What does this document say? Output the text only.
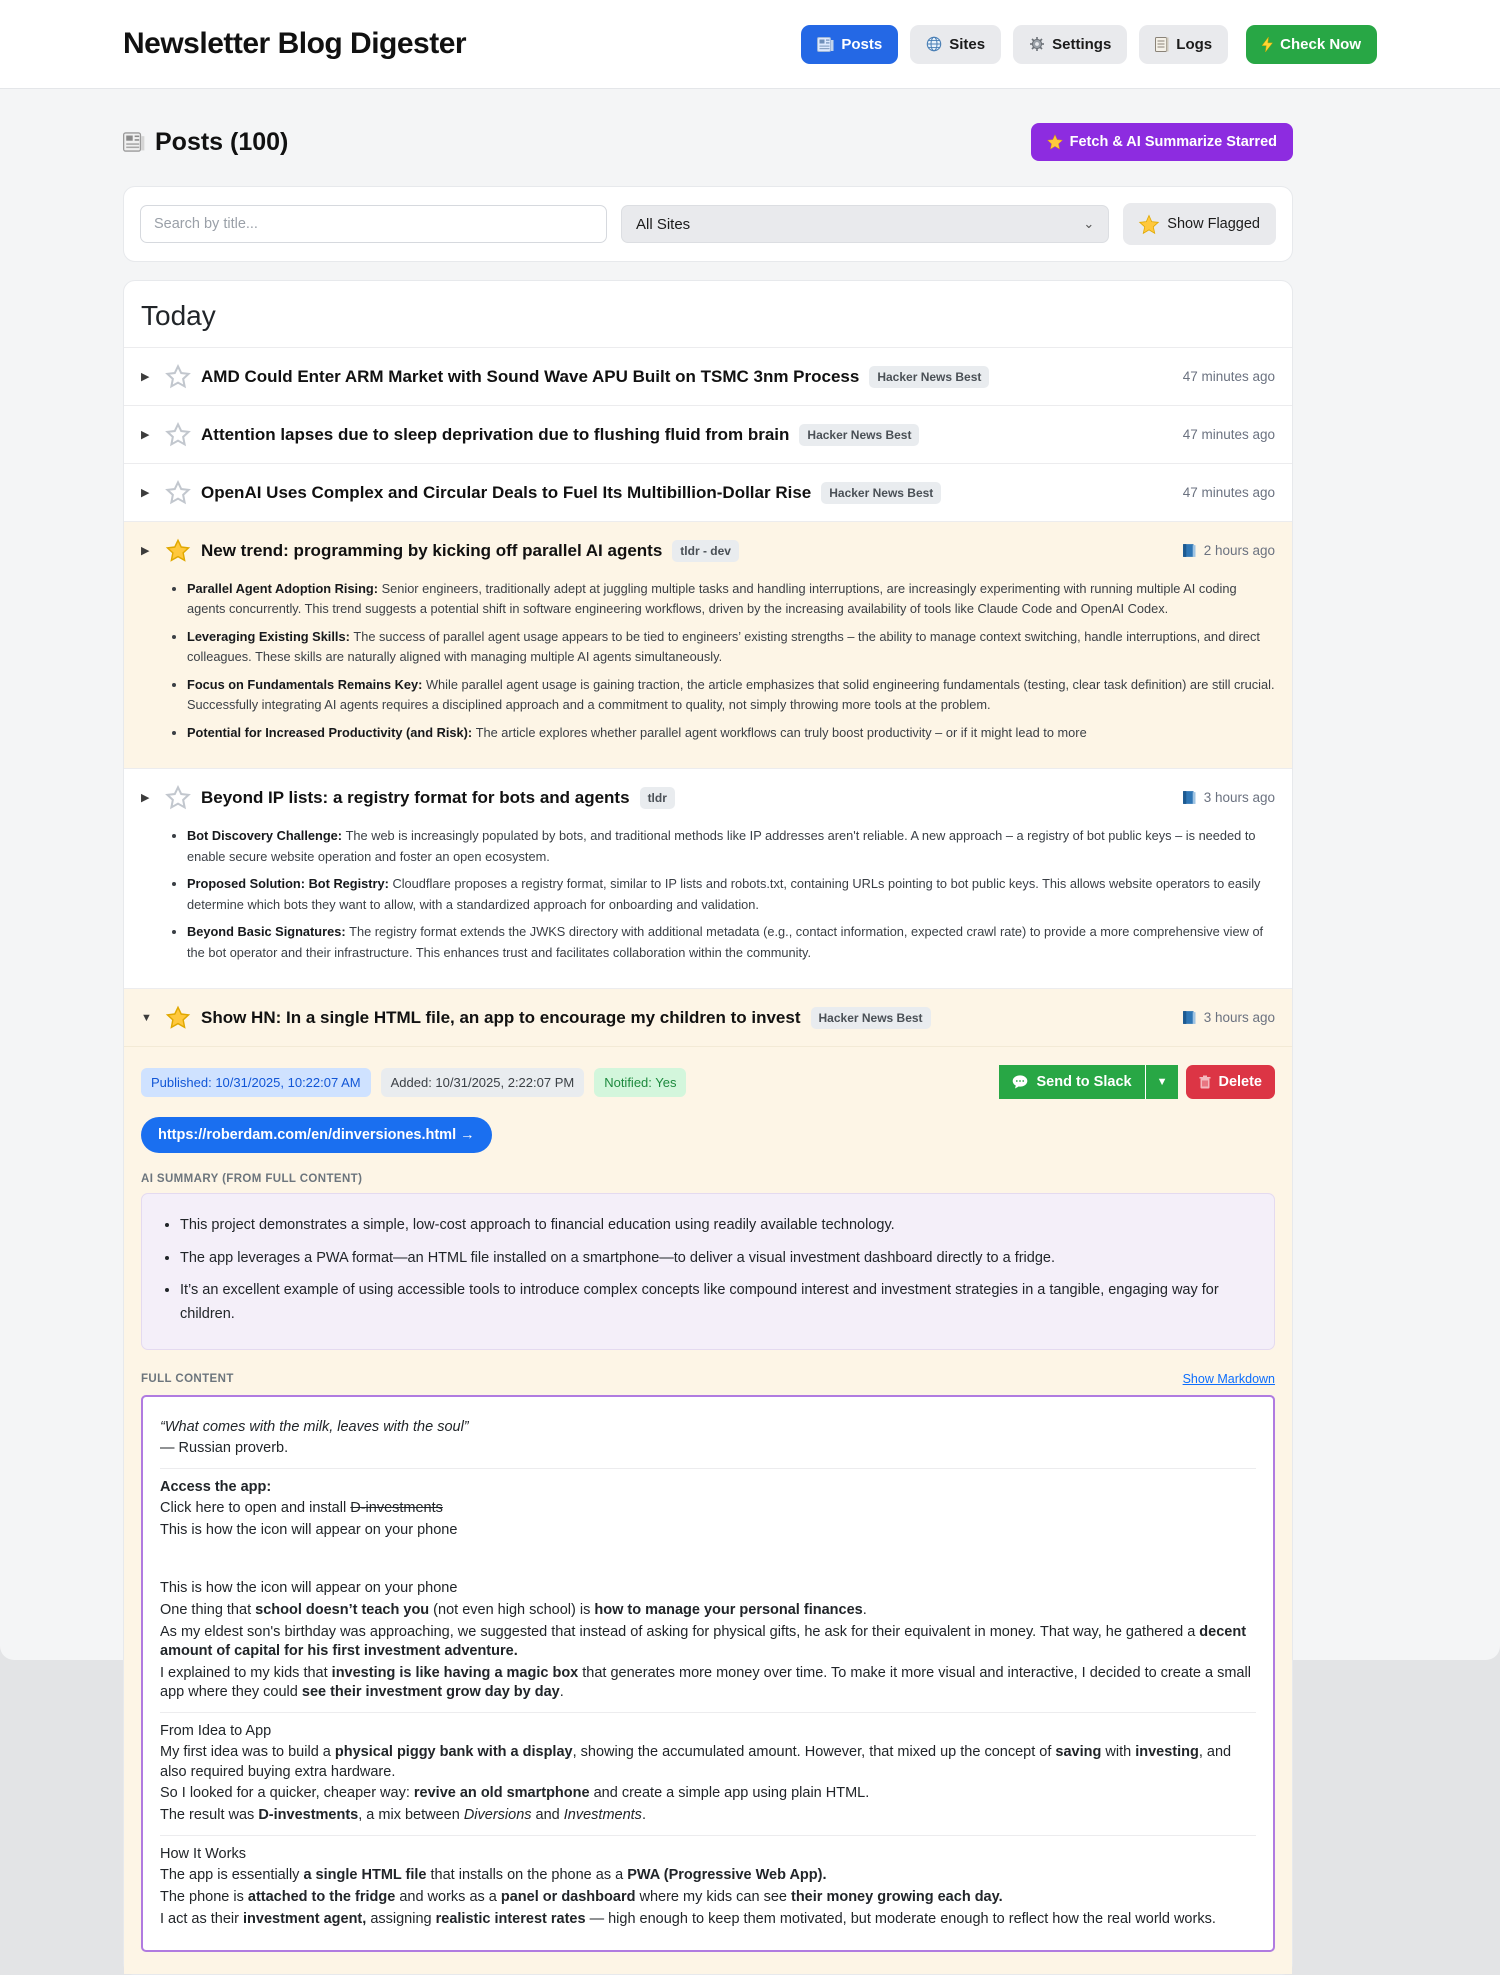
Newsletter Blog Digester	Posts	Sites	Settings	Logs	Check Now
Posts (100)	Fetch & AI Summarize Starred
Search by title...
All Sites	⌄	Show Flagged
Today
▶	AMD Could Enter ARM Market with Sound Wave APU Built on TSMC 3nm Process	Hacker News Best	47 minutes ago
▶	Attention lapses due to sleep deprivation due to flushing fluid from brain	Hacker News Best	47 minutes ago
▶	OpenAI Uses Complex and Circular Deals to Fuel Its Multibillion-Dollar Rise	Hacker News Best	47 minutes ago
▶	New trend: programming by kicking off parallel AI agents	tldr - dev	2 hours ago
• Parallel Agent Adoption Rising: Senior engineers, traditionally adept at juggling multiple tasks and handling interruptions, are increasingly experimenting with running multiple AI coding agents concurrently. This trend suggests a potential shift in software engineering workflows, driven by the increasing availability of tools like Claude Code and OpenAI Codex.
• Leveraging Existing Skills: The success of parallel agent usage appears to be tied to engineers’ existing strengths – the ability to manage context switching, handle interruptions, and direct colleagues. These skills are naturally aligned with managing multiple AI agents simultaneously.
• Focus on Fundamentals Remains Key: While parallel agent usage is gaining traction, the article emphasizes that solid engineering fundamentals (testing, clear task definition) are still crucial. Successfully integrating AI agents requires a disciplined approach and a commitment to quality, not simply throwing more tools at the problem.
• Potential for Increased Productivity (and Risk): The article explores whether parallel agent workflows can truly boost productivity – or if it might lead to more
▶	Beyond IP lists: a registry format for bots and agents	tldr	3 hours ago
• Bot Discovery Challenge: The web is increasingly populated by bots, and traditional methods like IP addresses aren't reliable. A new approach – a registry of bot public keys – is needed to enable secure website operation and foster an open ecosystem.
• Proposed Solution: Bot Registry: Cloudflare proposes a registry format, similar to IP lists and robots.txt, containing URLs pointing to bot public keys. This allows website operators to easily determine which bots they want to allow, with a standardized approach for onboarding and validation.
• Beyond Basic Signatures: The registry format extends the JWKS directory with additional metadata (e.g., contact information, expected crawl rate) to provide a more comprehensive view of the bot operator and their infrastructure. This enhances trust and facilitates collaboration within the community.
▼	Show HN: In a single HTML file, an app to encourage my children to invest	Hacker News Best	3 hours ago
Published: 10/31/2025, 10:22:07 AM	Added: 10/31/2025, 2:22:07 PM	Notified: Yes	Send to Slack	▼	Delete
https://roberdam.com/en/dinversiones.html →
AI SUMMARY (FROM FULL CONTENT)
• This project demonstrates a simple, low-cost approach to financial education using readily available technology.
• The app leverages a PWA format—an HTML file installed on a smartphone—to deliver a visual investment dashboard directly to a fridge.
• It’s an excellent example of using accessible tools to introduce complex concepts like compound interest and investment strategies in a tangible, engaging way for children.
FULL CONTENT	Show Markdown

“What comes with the milk, leaves with the soul”

— Russian proverb.

Access the app:

Click here to open and install D-investments

This is how the icon will appear on your phone

This is how the icon will appear on your phone

One thing that school doesn’t teach you (not even high school) is how to manage your personal finances.

As my eldest son's birthday was approaching, we suggested that instead of asking for physical gifts, he ask for their equivalent in money. That way, he gathered a decent amount of capital for his first investment adventure.

I explained to my kids that investing is like having a magic box that generates more money over time. To make it more visual and interactive, I decided to create a small app where they could see their investment grow day by day.

From Idea to App

My first idea was to build a physical piggy bank with a display, showing the accumulated amount. However, that mixed up the concept of saving with investing, and also required buying extra hardware.

So I looked for a quicker, cheaper way: revive an old smartphone and create a simple app using plain HTML.

The result was D-investments, a mix between Diversions and Investments.

How It Works

The app is essentially a single HTML file that installs on the phone as a PWA (Progressive Web App).

The phone is attached to the fridge and works as a panel or dashboard where my kids can see their money growing each day.

I act as their investment agent, assigning realistic interest rates — high enough to keep them motivated, but moderate enough to reflect how the real world works.
